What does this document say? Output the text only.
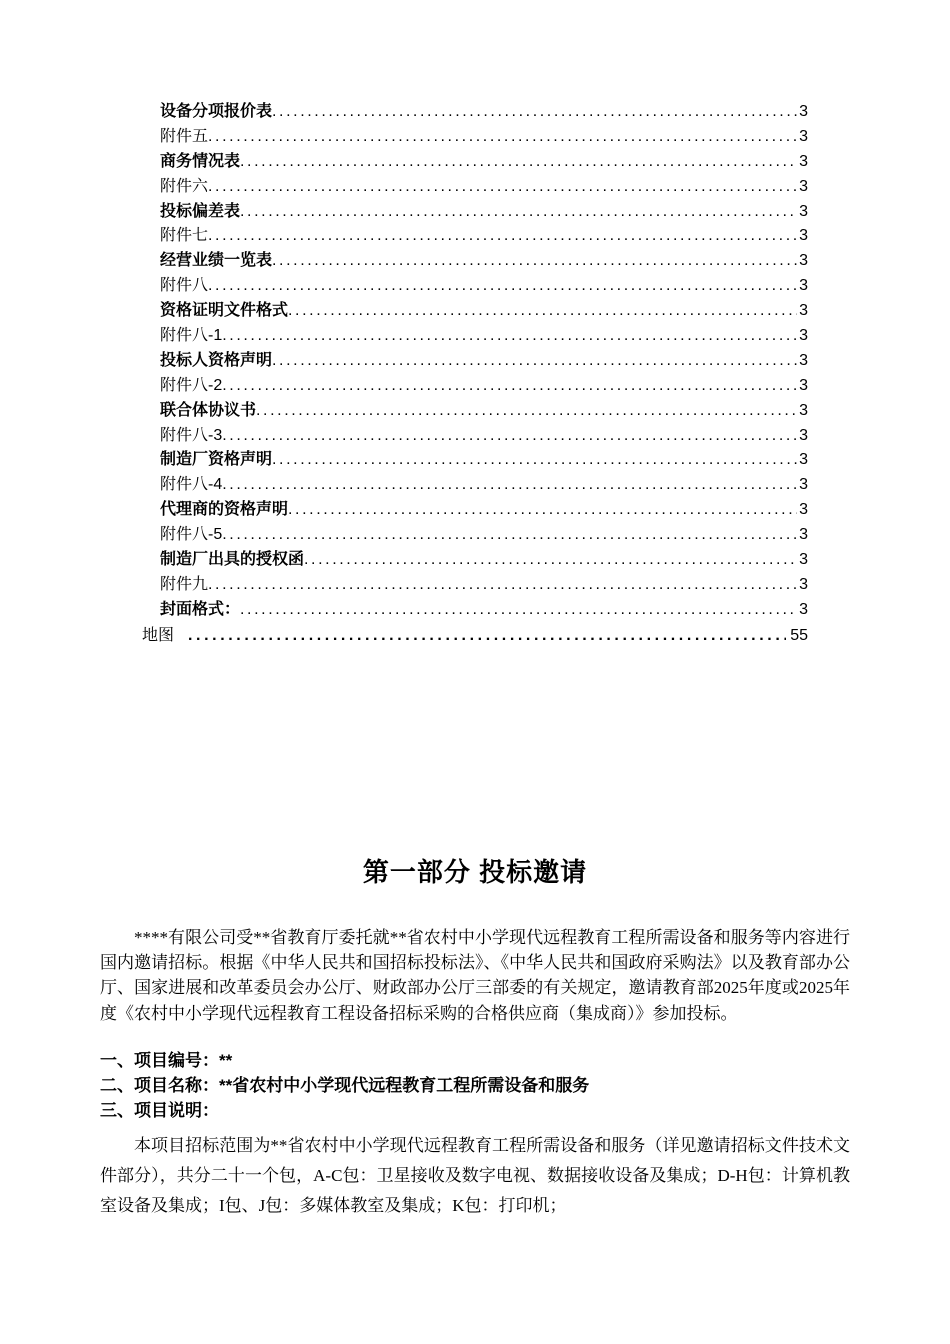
设备分项报价表 .....	3
附件五 .....	3
商务情况表 .....	3
附件六 .....	3
投标偏差表 .....	3
附件七 .....	3
经营业绩一览表 .....	3
附件八 .....	3
资格证明文件格式 .....	3
附件八-1 .....	3
投标人资格声明 .....	3
附件八-2 .....	3
联合体协议书 .....	3
附件八-3 .....	3
制造厂资格声明 .....	3
附件八-4 .....	3
代理商的资格声明 .....	3
附件八-5 .....	3
制造厂出具的授权函 .....	3
附件九 .....	3
封面格式： .....	3
地图 .....	55
第一部分 投标邀请
****有限公司受**省教育厅委托就**省农村中小学现代远程教育工程所需设备和服务等内容进行国内邀请招标。根据《中华人民共和国招标投标法》、《中华人民共和国政府采购法》以及教育部办公厅、国家进展和改革委员会办公厅、财政部办公厅三部委的有关规定，邀请教育部2025年度或2025年度《农村中小学现代远程教育工程设备招标采购的合格供应商（集成商）》参加投标。
一、项目编号：**
二、项目名称：**省农村中小学现代远程教育工程所需设备和服务
三、项目说明：
本项目招标范围为**省农村中小学现代远程教育工程所需设备和服务（详见邀请招标文件技术文件部分），共分二十一个包，A-C包：卫星接收及数字电视、数据接收设备及集成；D-H包：计算机教室设备及集成；I包、J包：多媒体教室及集成；K包：打印机；
